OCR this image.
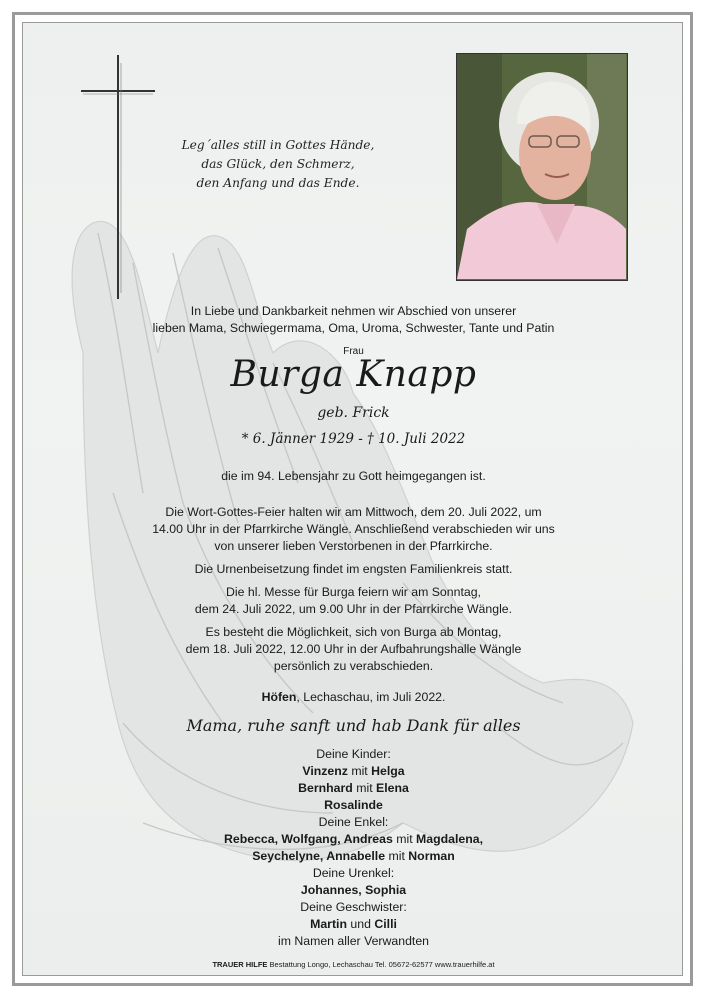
Leg´alles still in Gottes Hände,
das Glück, den Schmerz,
den Anfang und das Ende.
In Liebe und Dankbarkeit nehmen wir Abschied von unserer
lieben Mama, Schwiegermama, Oma, Uroma, Schwester, Tante und Patin
Frau
Burga Knapp
geb. Frick
* 6. Jänner 1929 - † 10. Juli 2022
die im 94. Lebensjahr zu Gott heimgegangen ist.
Die Wort-Gottes-Feier halten wir am Mittwoch, dem 20. Juli 2022, um
14.00 Uhr in der Pfarrkirche Wängle. Anschließend verabschieden wir uns
von unserer lieben Verstorbenen in der Pfarrkirche.
Die Urnenbeisetzung findet im engsten Familienkreis statt.
Die hl. Messe für Burga feiern wir am Sonntag,
dem 24. Juli 2022, um 9.00 Uhr in der Pfarrkirche Wängle.
Es besteht die Möglichkeit, sich von Burga ab Montag,
dem 18. Juli 2022, 12.00 Uhr in der Aufbahrungshalle Wängle
persönlich zu verabschieden.
Höfen, Lechaschau, im Juli 2022.
Mama, ruhe sanft und hab Dank für alles
Deine Kinder:
Vinzenz mit Helga
Bernhard mit Elena
Rosalinde
Deine Enkel:
Rebecca, Wolfgang, Andreas mit Magdalena,
Seychelyne, Annabelle mit Norman
Deine Urenkel:
Johannes, Sophia
Deine Geschwister:
Martin und Cilli
im Namen aller Verwandten
TRAUER HILFE Bestattung Longo, Lechaschau Tel. 05672-62577 www.trauerhilfe.at
